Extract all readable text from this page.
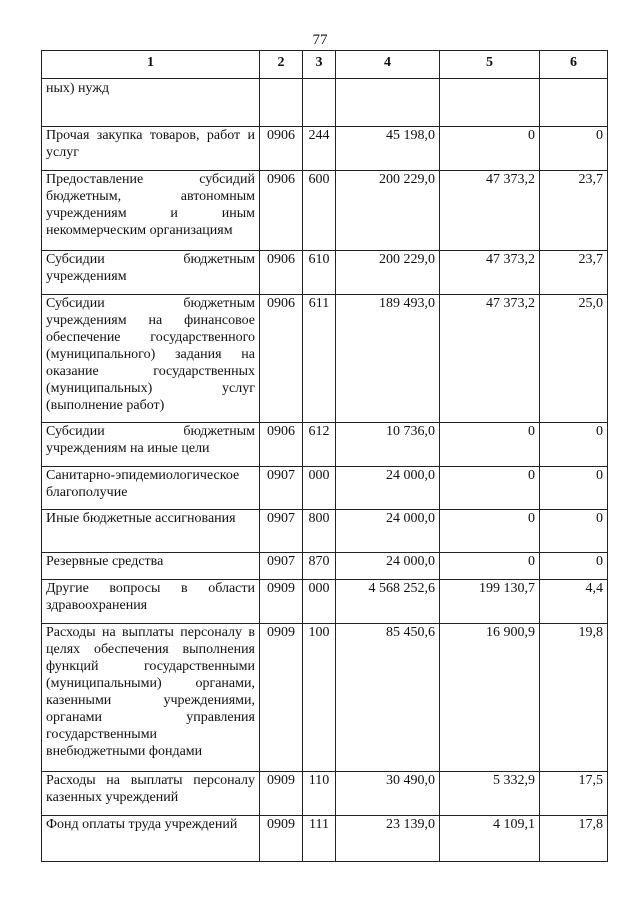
77
1	2	3	4	5	6
ных) нужд					
Прочая закупка товаров, работ и услуг	0906	244	45 198,0	0	0
Предоставление субсидий бюджетным, автономным учреждениям и иным некоммерческим организациям	0906	600	200 229,0	47 373,2	23,7
Субсидии бюджетным учреждениям	0906	610	200 229,0	47 373,2	23,7
Субсидии бюджетным учреждениям на финансовое обеспечение государственного (муниципального) задания на оказание государственных (муниципальных) услуг (выполнение работ)	0906	611	189 493,0	47 373,2	25,0
Субсидии бюджетным учреждениям на иные цели	0906	612	10 736,0	0	0
Санитарно-эпидемиологическое благополучие	0907	000	24 000,0	0	0
Иные бюджетные ассигнования	0907	800	24 000,0	0	0
Резервные средства	0907	870	24 000,0	0	0
Другие вопросы в области здравоохранения	0909	000	4 568 252,6	199 130,7	4,4
Расходы на выплаты персоналу в целях обеспечения выполнения функций государственными (муниципальными) органами, казенными учреждениями, органами управления государственными внебюджетными фондами	0909	100	85 450,6	16 900,9	19,8
Расходы на выплаты персоналу казенных учреждений	0909	110	30 490,0	5 332,9	17,5
Фонд оплаты труда учреждений	0909	111	23 139,0	4 109,1	17,8
